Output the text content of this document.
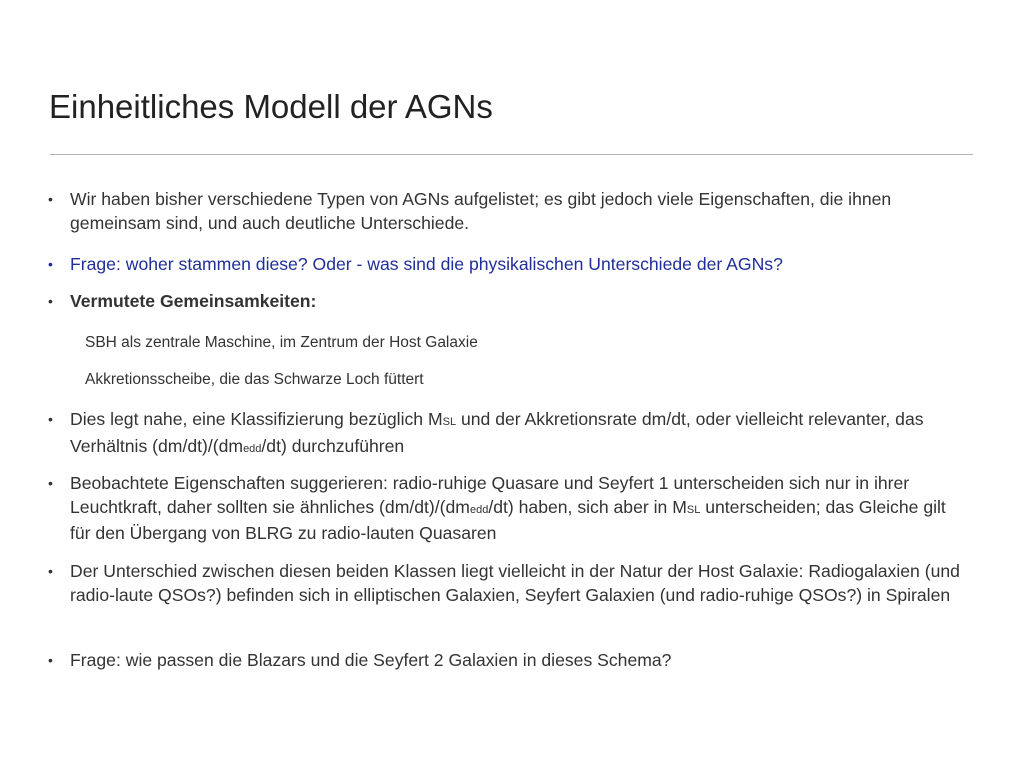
Einheitliches Modell der AGNs
• Wir haben bisher verschiedene Typen von AGNs aufgelistet; es gibt jedoch viele Eigenschaften, die ihnen gemeinsam sind, und auch deutliche Unterschiede.
• Frage: woher stammen diese? Oder - was sind die physikalischen Unterschiede der AGNs?
• Vermutete Gemeinsamkeiten:
SBH als zentrale Maschine, im Zentrum der Host Galaxie
Akkretionsscheibe, die das Schwarze Loch füttert
• Dies legt nahe, eine Klassifizierung bezüglich MSL und der Akkretionsrate dm/dt, oder vielleicht relevanter, das Verhältnis (dm/dt)/(dmedd/dt) durchzuführen
• Beobachtete Eigenschaften suggerieren: radio-ruhige Quasare und Seyfert 1 unterscheiden sich nur in ihrer Leuchtkraft, daher sollten sie ähnliches (dm/dt)/(dmedd/dt) haben, sich aber in MSL unterscheiden; das Gleiche gilt für den Übergang von BLRG zu radio-lauten Quasaren
• Der Unterschied zwischen diesen beiden Klassen liegt vielleicht in der Natur der Host Galaxie: Radiogalaxien (und radio-laute QSOs?) befinden sich in elliptischen Galaxien, Seyfert Galaxien (und radio-ruhige QSOs?) in Spiralen
• Frage: wie passen die Blazars und die Seyfert 2 Galaxien in dieses Schema?
